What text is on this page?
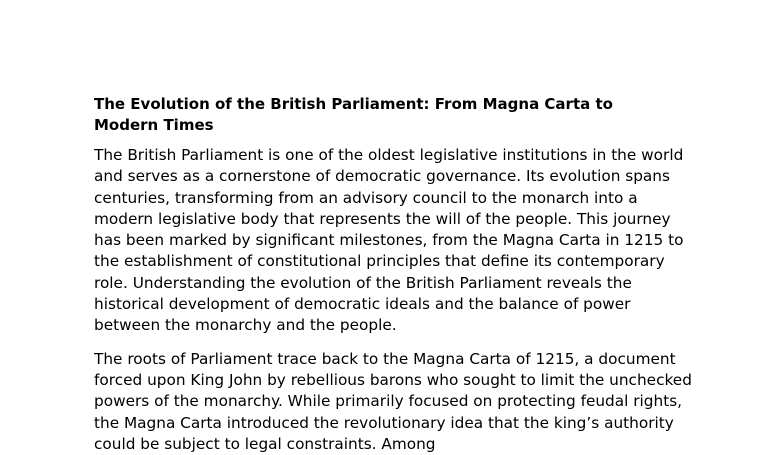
The Evolution of the British Parliament: From Magna Carta to Modern Times

The British Parliament is one of the oldest legislative institutions in the world and serves as a cornerstone of democratic governance. Its evolution spans centuries, transforming from an advisory council to the monarch into a modern legislative body that represents the will of the people. This journey has been marked by significant milestones, from the Magna Carta in 1215 to the establishment of constitutional principles that define its contemporary role. Understanding the evolution of the British Parliament reveals the historical development of democratic ideals and the balance of power between the monarchy and the people.

The roots of Parliament trace back to the Magna Carta of 1215, a document forced upon King John by rebellious barons who sought to limit the unchecked powers of the monarchy. While primarily focused on protecting feudal rights, the Magna Carta introduced the revolutionary idea that the king’s authority could be subject to legal constraints. Among
